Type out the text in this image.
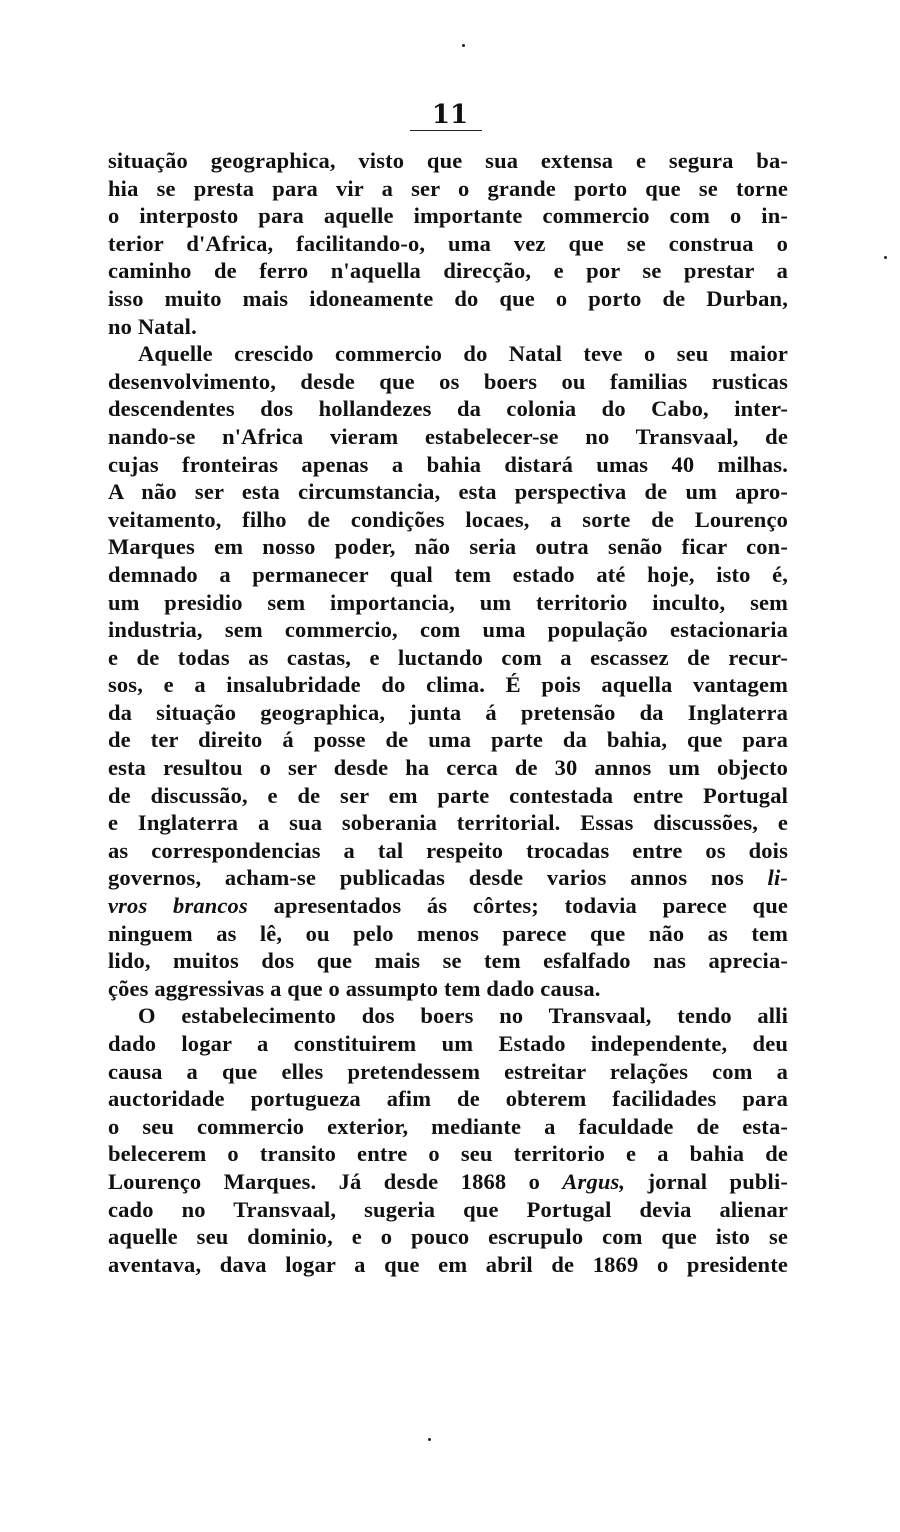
11
situação geographica, visto que sua extensa e segura ba-
hia se presta para vir a ser o grande porto que se torne
o interposto para aquelle importante commercio com o in-
terior d'Africa, facilitando-o, uma vez que se construa o
caminho de ferro n'aquella direcção, e por se prestar a
isso muito mais idoneamente do que o porto de Durban,
no Natal.
Aquelle crescido commercio do Natal teve o seu maior
desenvolvimento, desde que os boers ou familias rusticas
descendentes dos hollandezes da colonia do Cabo, inter-
nando-se n'Africa vieram estabelecer-se no Transvaal, de
cujas fronteiras apenas a bahia distará umas 40 milhas.
A não ser esta circumstancia, esta perspectiva de um apro-
veitamento, filho de condições locaes, a sorte de Lourenço
Marques em nosso poder, não seria outra senão ficar con-
demnado a permanecer qual tem estado até hoje, isto é,
um presidio sem importancia, um territorio inculto, sem
industria, sem commercio, com uma população estacionaria
e de todas as castas, e luctando com a escassez de recur-
sos, e a insalubridade do clima. É pois aquella vantagem
da situação geographica, junta á pretensão da Inglaterra
de ter direito á posse de uma parte da bahia, que para
esta resultou o ser desde ha cerca de 30 annos um objecto
de discussão, e de ser em parte contestada entre Portugal
e Inglaterra a sua soberania territorial. Essas discussões, e
as correspondencias a tal respeito trocadas entre os dois
governos, acham-se publicadas desde varios annos nos li-
vros brancos apresentados ás côrtes; todavia parece que
ninguem as lê, ou pelo menos parece que não as tem
lido, muitos dos que mais se tem esfalfado nas aprecia-
ções aggressivas a que o assumpto tem dado causa.
O estabelecimento dos boers no Transvaal, tendo alli
dado logar a constituirem um Estado independente, deu
causa a que elles pretendessem estreitar relações com a
auctoridade portugueza afim de obterem facilidades para
o seu commercio exterior, mediante a faculdade de esta-
belecerem o transito entre o seu territorio e a bahia de
Lourenço Marques. Já desde 1868 o Argus, jornal publi-
cado no Transvaal, sugeria que Portugal devia alienar
aquelle seu dominio, e o pouco escrupulo com que isto se
aventava, dava logar a que em abril de 1869 o presidente
